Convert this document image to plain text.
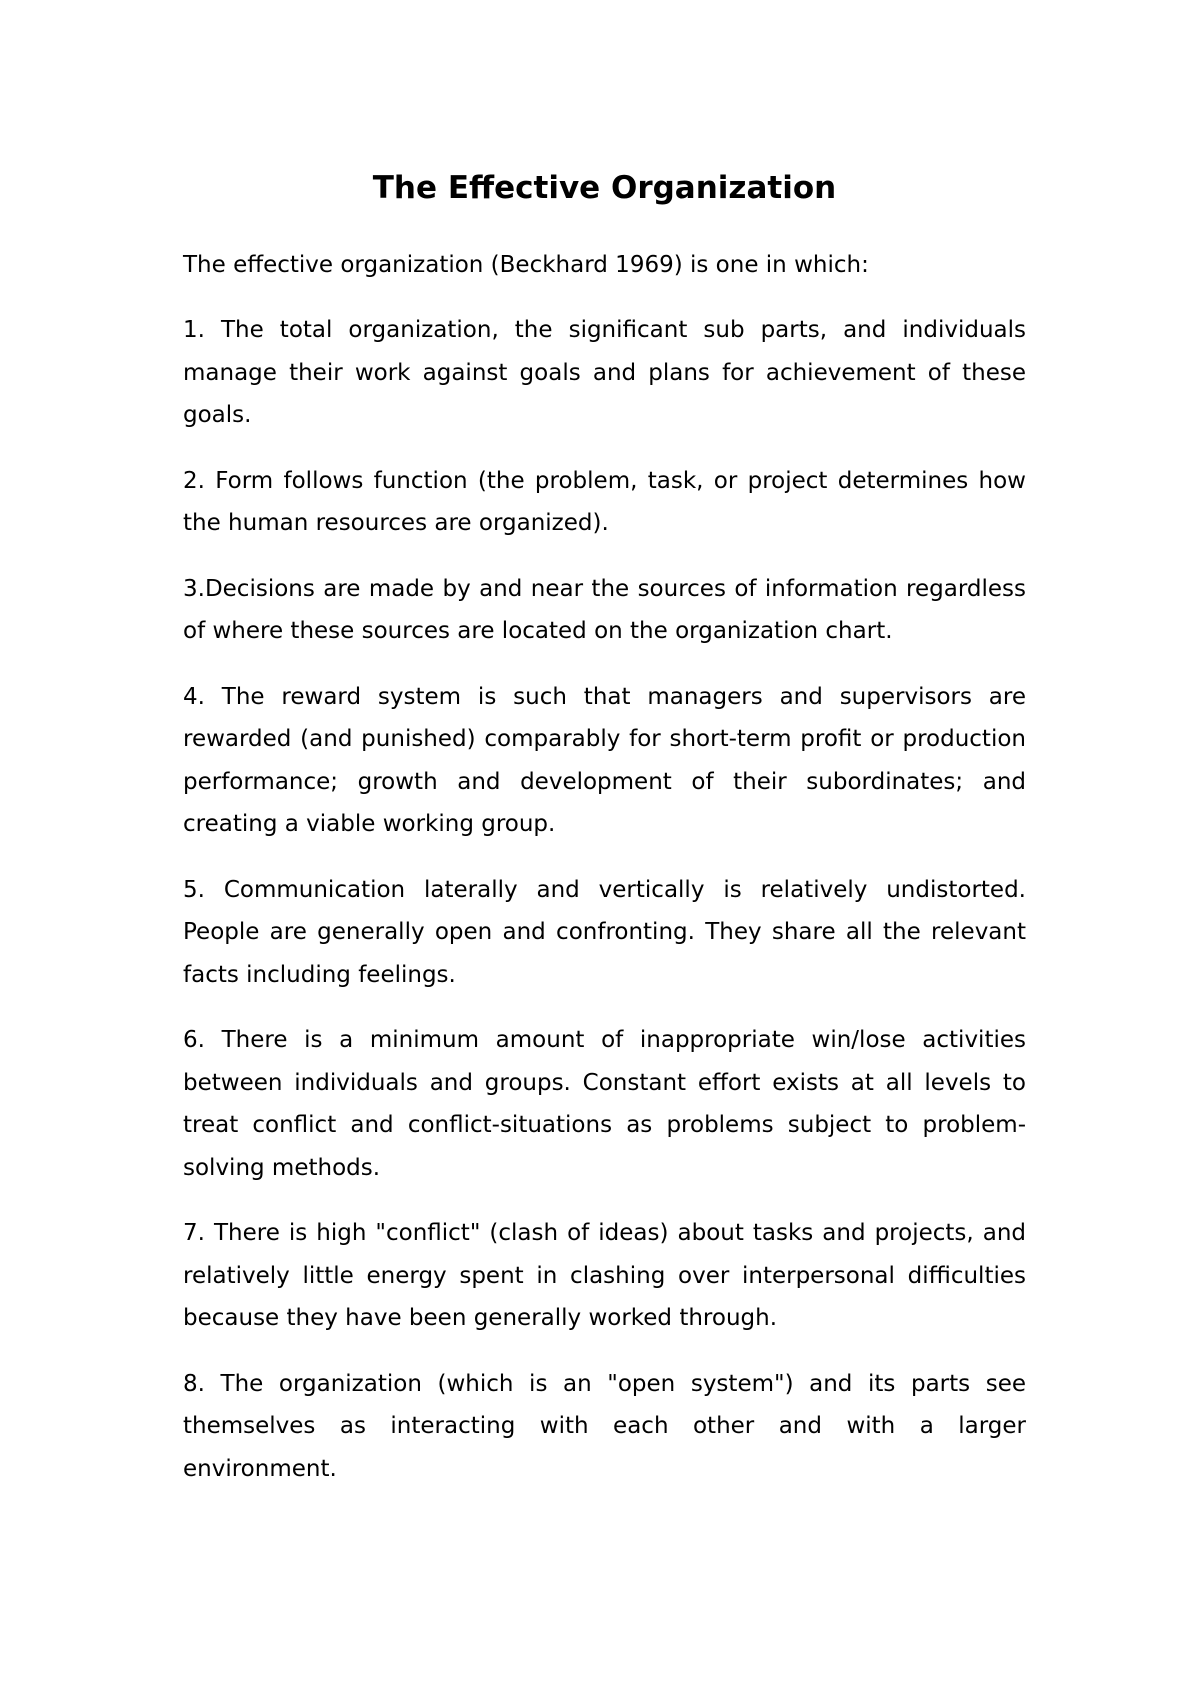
The Effective Organization

The effective organization (Beckhard 1969) is one in which:

1. The total organization, the significant sub parts, and individuals manage their work against goals and plans for achievement of these goals.

2. Form follows function (the problem, task, or project determines how the human resources are organized).

3.Decisions are made by and near the sources of information regardless of where these sources are located on the organization chart.

4. The reward system is such that managers and supervisors are rewarded (and punished) comparably for short-term profit or production performance; growth and development of their subordinates; and creating a viable working group.

5. Communication laterally and vertically is relatively undistorted. People are generally open and confronting. They share all the relevant facts including feelings.

6. There is a minimum amount of inappropriate win/lose activities between individuals and groups. Constant effort exists at all levels to treat conflict and conflict-situations as problems subject to problem-solving methods.

7. There is high "conflict" (clash of ideas) about tasks and projects, and relatively little energy spent in clashing over interpersonal difficulties because they have been generally worked through.

8. The organization (which is an "open system") and its parts see themselves as interacting with each other and with a larger environment.
